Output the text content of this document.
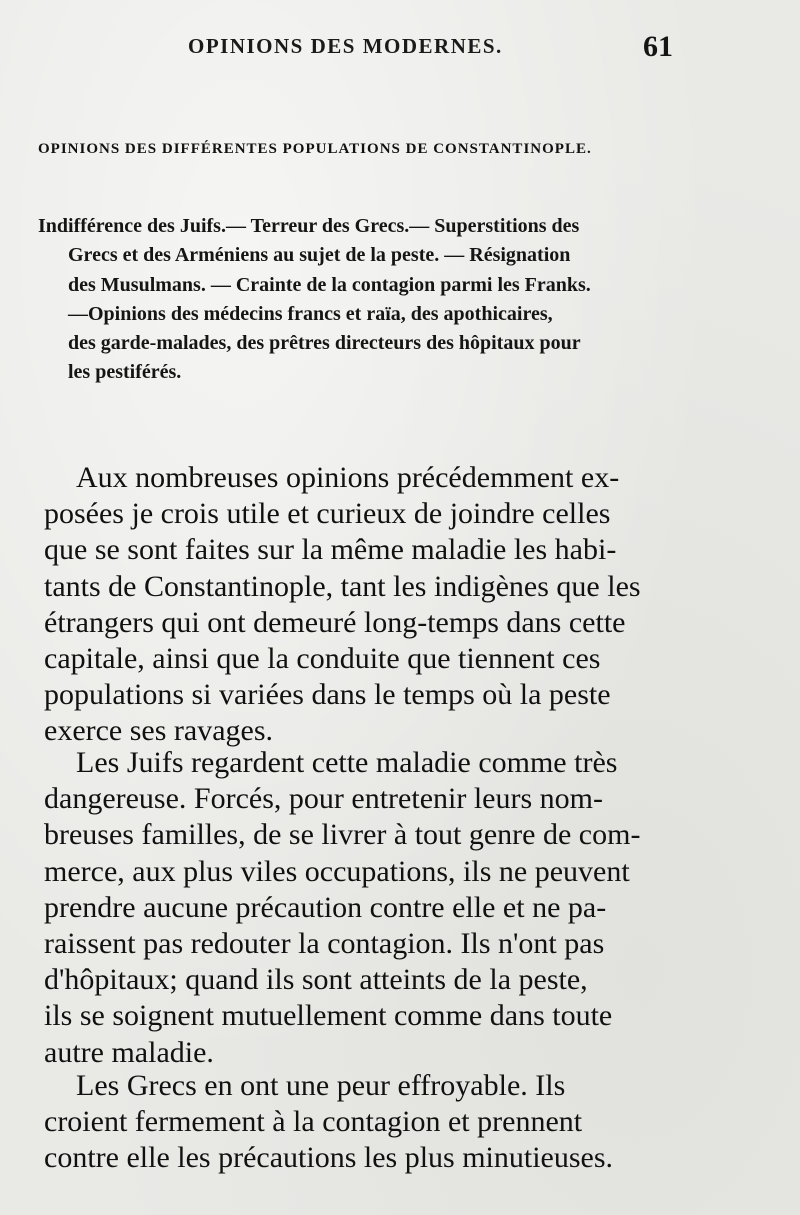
OPINIONS DES MODERNES.	61
OPINIONS DES DIFFÉRENTES POPULATIONS DE CONSTANTINOPLE.
Indifférence des Juifs.— Terreur des Grecs.— Superstitions des
Grecs et des Arméniens au sujet de la peste. — Résignation
des Musulmans. — Crainte de la contagion parmi les Franks.
—Opinions des médecins francs et raïa, des apothicaires,
des garde-malades, des prêtres directeurs des hôpitaux pour
les pestiférés.
Aux nombreuses opinions précédemment ex-
posées je crois utile et curieux de joindre celles
que se sont faites sur la même maladie les habi-
tants de Constantinople, tant les indigènes que les
étrangers qui ont demeuré long-temps dans cette
capitale, ainsi que la conduite que tiennent ces
populations si variées dans le temps où la peste
exerce ses ravages.
Les Juifs regardent cette maladie comme très
dangereuse. Forcés, pour entretenir leurs nom-
breuses familles, de se livrer à tout genre de com-
merce, aux plus viles occupations, ils ne peuvent
prendre aucune précaution contre elle et ne pa-
raissent pas redouter la contagion. Ils n'ont pas
d'hôpitaux; quand ils sont atteints de la peste,
ils se soignent mutuellement comme dans toute
autre maladie.
Les Grecs en ont une peur effroyable. Ils
croient fermement à la contagion et prennent
contre elle les précautions les plus minutieuses.
